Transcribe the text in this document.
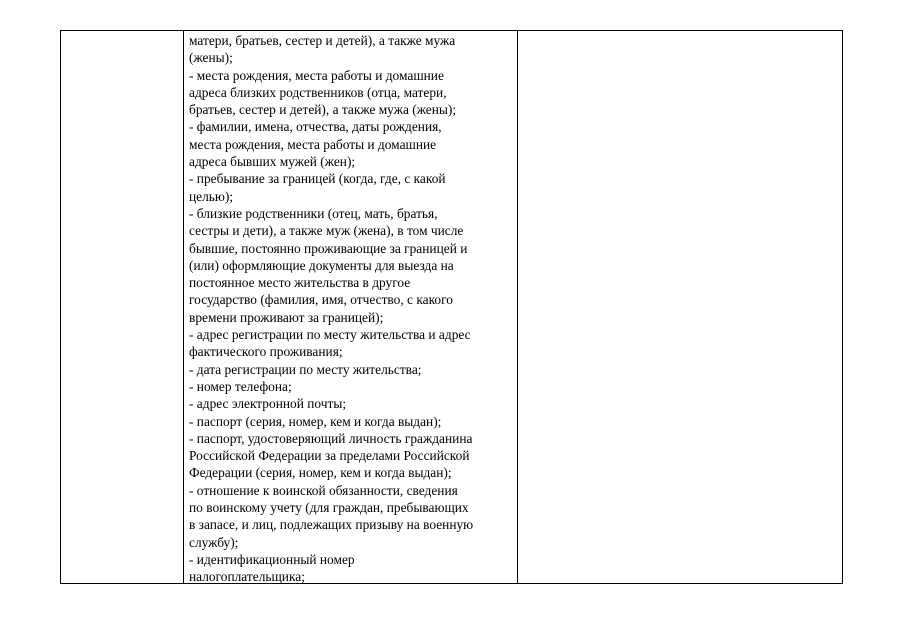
матери, братьев, сестер и детей), а также мужа
(жены);
- места рождения, места работы и домашние
адреса близких родственников (отца, матери,
братьев, сестер и детей), а также мужа (жены);
- фамилии, имена, отчества, даты рождения,
места рождения, места работы и домашние
адреса бывших мужей (жен);
- пребывание за границей (когда, где, с какой
целью);
- близкие родственники (отец, мать, братья,
сестры и дети), а также муж (жена), в том числе
бывшие, постоянно проживающие за границей и
(или) оформляющие документы для выезда на
постоянное место жительства в другое
государство (фамилия, имя, отчество, с какого
времени проживают за границей);
- адрес регистрации по месту жительства и адрес
фактического проживания;
- дата регистрации по месту жительства;
- номер телефона;
- адрес электронной почты;
- паспорт (серия, номер, кем и когда выдан);
- паспорт, удостоверяющий личность гражданина
Российской Федерации за пределами Российской
Федерации (серия, номер, кем и когда выдан);
- отношение к воинской обязанности, сведения
по воинскому учету (для граждан, пребывающих
в запасе, и лиц, подлежащих призыву на военную
службу);
- идентификационный номер
налогоплательщика;
